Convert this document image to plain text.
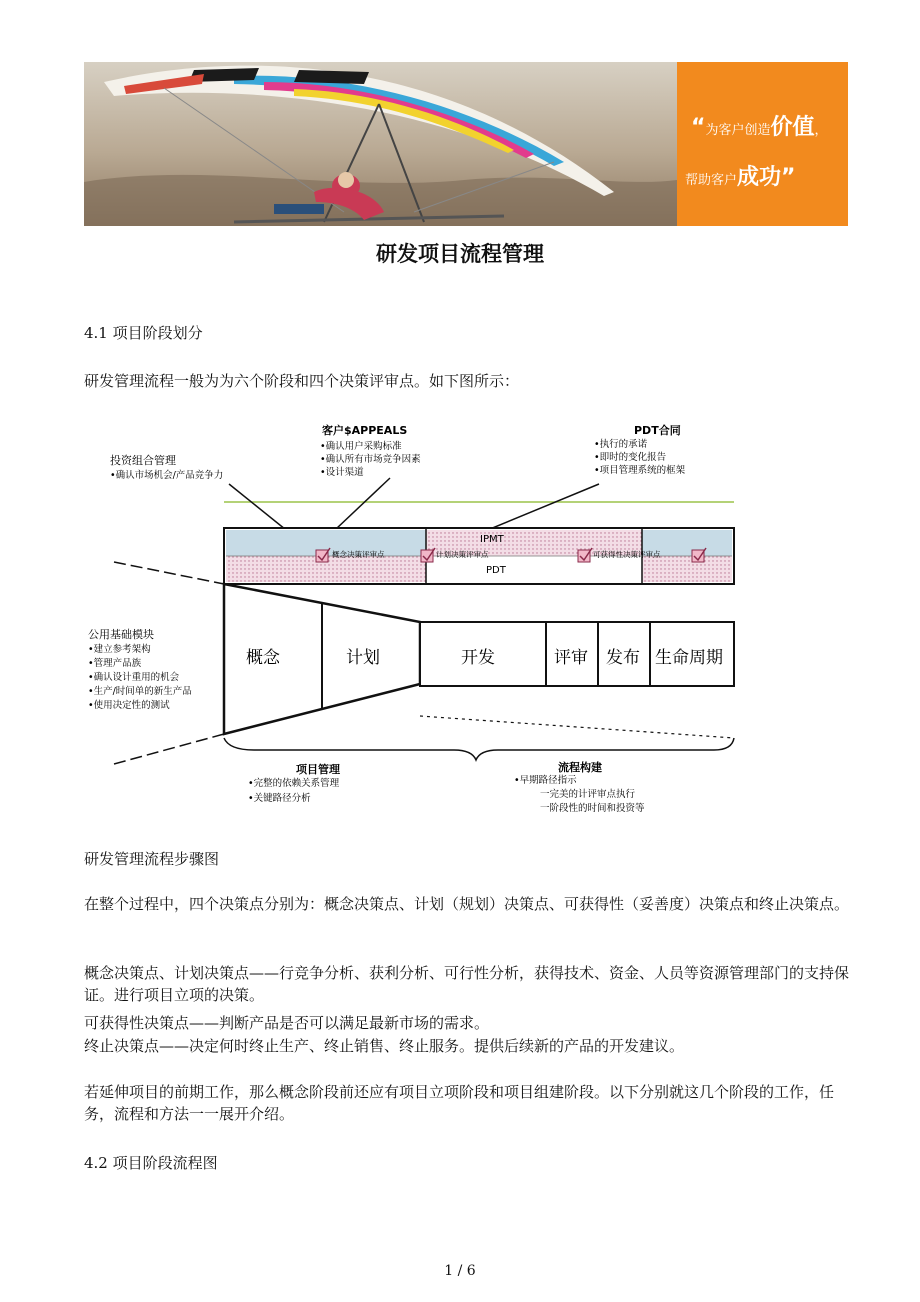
“为客户创造价值，
帮助客户成功”
研发项目流程管理
4.1 项目阶段划分
研发管理流程一般为为六个阶段和四个决策评审点。如下图所示：
客户$APPEALS
•确认用户采购标准
•确认所有市场竞争因素
•设计渠道
PDT合同
•执行的承诺
•即时的变化报告
•项目管理系统的框架
投资组合管理
•确认市场机会/产品竞争力
IPMT
PDT
概念决策评审点	计划决策评审点	可获得性决策评审点
概念	计划	开发	评审 发布 生命周期
公用基础模块
•建立参考架构
•管理产品族
•确认设计重用的机会
•生产/时间单的新生产品
•使用决定性的测试
项目管理
•完整的依赖关系管理
•关键路径分析
流程构建
•早期路径指示
一完美的计评审点执行
一阶段性的时间和投资等
研发管理流程步骤图
在整个过程中，四个决策点分别为：概念决策点、计划（规划）决策点、可获得性（妥善度）决策点和终止决策点。
概念决策点、计划决策点——行竞争分析、获利分析、可行性分析，获得技术、资金、人员等资源管理部门的支持保证。进行项目立项的决策。
可获得性决策点——判断产品是否可以满足最新市场的需求。
终止决策点——决定何时终止生产、终止销售、终止服务。提供后续新的产品的开发建议。
若延伸项目的前期工作，那么概念阶段前还应有项目立项阶段和项目组建阶段。以下分别就这几个阶段的工作，任务，流程和方法一一展开介绍。
4.2 项目阶段流程图
1 / 6
